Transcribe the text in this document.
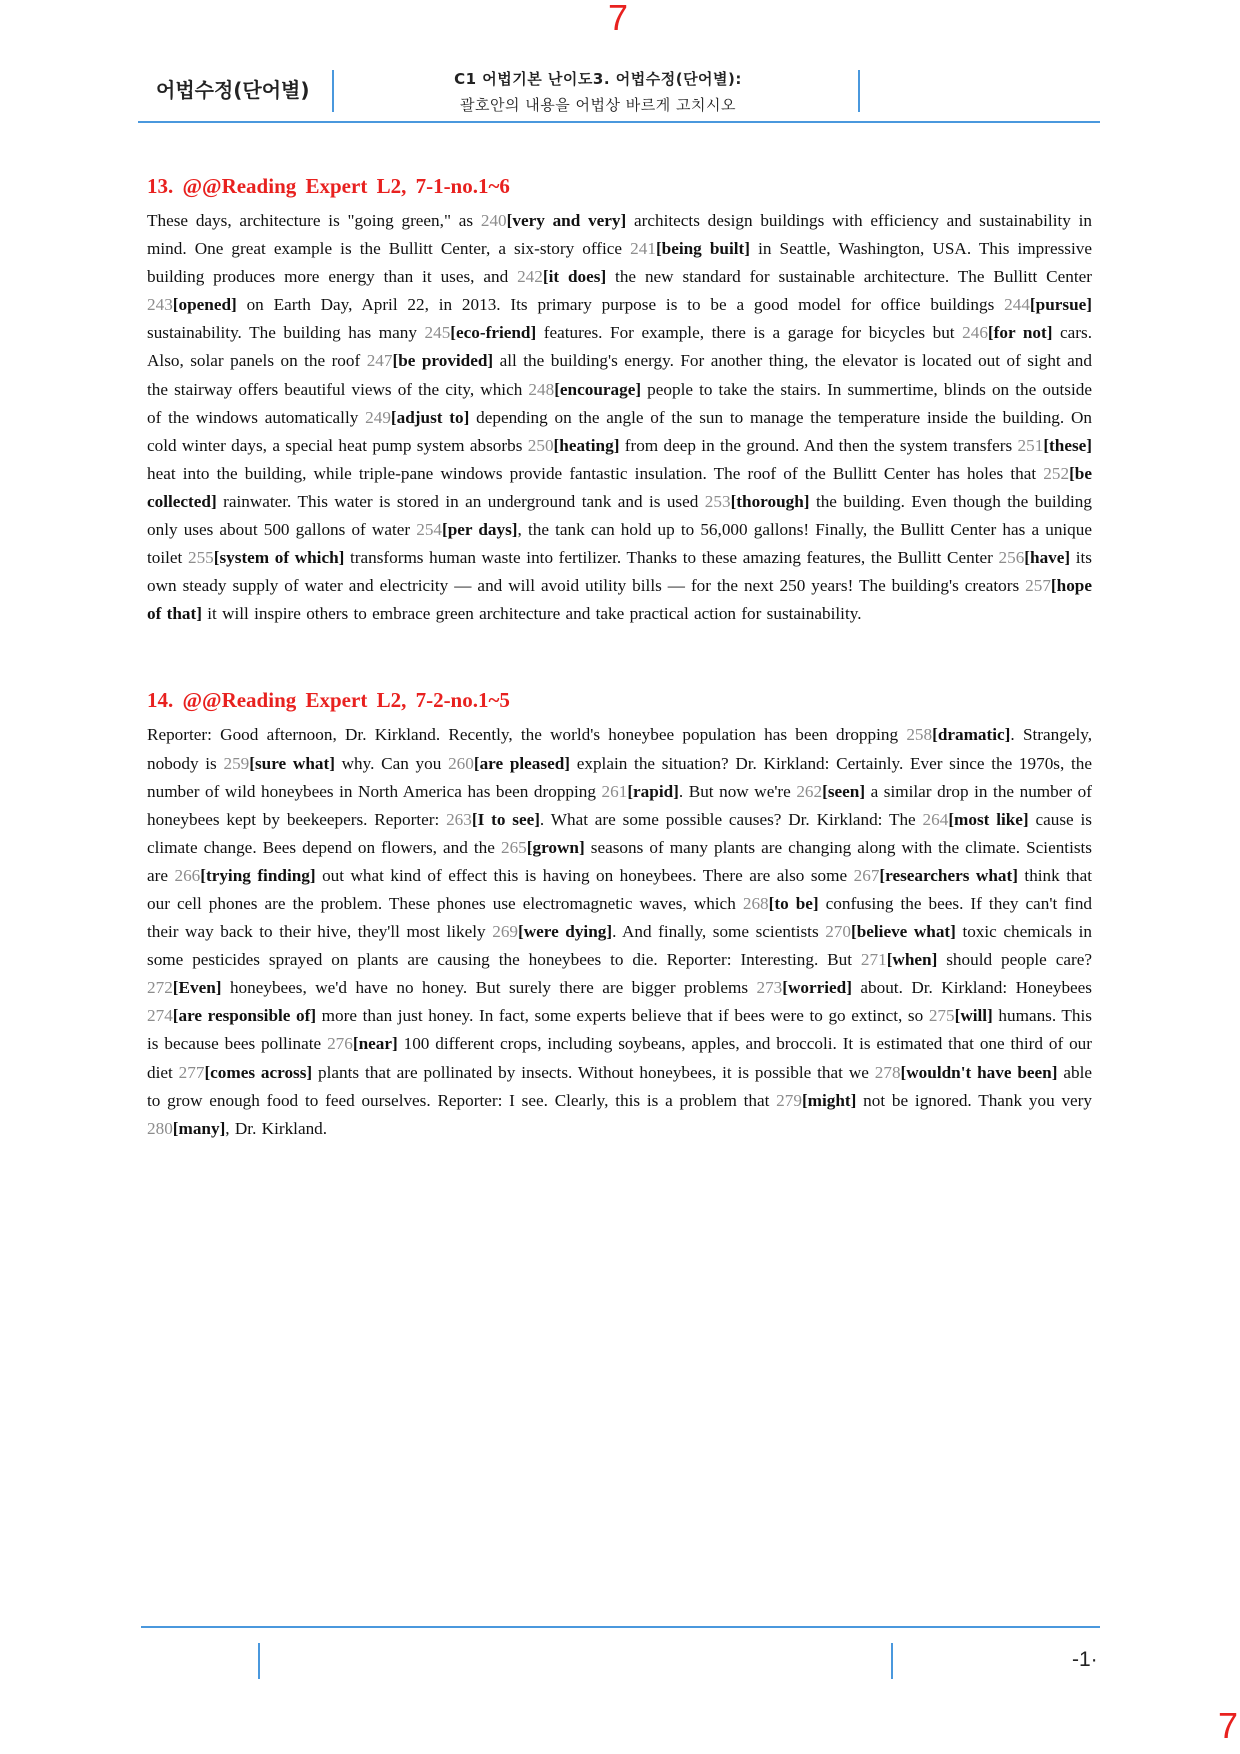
7
어법수정(단어별)	C1 어법기본 난이도3. 어법수정(단어별):
괄호안의 내용을 어법상 바르게 고치시오
13. @@Reading Expert L2, 7-1-no.1~6

These days, architecture is "going green," as 240[very and very] architects design buildings with efficiency and sustainability in mind. One great example is the Bullitt Center, a six-story office 241[being built] in Seattle, Washington, USA. This impressive building produces more energy than it uses, and 242[it does] the new standard for sustainable architecture. The Bullitt Center 243[opened] on Earth Day, April 22, in 2013. Its primary purpose is to be a good model for office buildings 244[pursue] sustainability. The building has many 245[eco-friend] features. For example, there is a garage for bicycles but 246[for not] cars. Also, solar panels on the roof 247[be provided] all the building's energy. For another thing, the elevator is located out of sight and the stairway offers beautiful views of the city, which 248[encourage] people to take the stairs. In summertime, blinds on the outside of the windows automatically 249[adjust to] depending on the angle of the sun to manage the temperature inside the building. On cold winter days, a special heat pump system absorbs 250[heating] from deep in the ground. And then the system transfers 251[these] heat into the building, while triple-pane windows provide fantastic insulation. The roof of the Bullitt Center has holes that 252[be collected] rainwater. This water is stored in an underground tank and is used 253[thorough] the building. Even though the building only uses about 500 gallons of water 254[per days], the tank can hold up to 56,000 gallons! Finally, the Bullitt Center has a unique toilet 255[system of which] transforms human waste into fertilizer. Thanks to these amazing features, the Bullitt Center 256[have] its own steady supply of water and electricity — and will avoid utility bills — for the next 250 years! The building's creators 257[hope of that] it will inspire others to embrace green architecture and take practical action for sustainability.

14. @@Reading Expert L2, 7-2-no.1~5

Reporter: Good afternoon, Dr. Kirkland. Recently, the world's honeybee population has been dropping 258[dramatic]. Strangely, nobody is 259[sure what] why. Can you 260[are pleased] explain the situation? Dr. Kirkland: Certainly. Ever since the 1970s, the number of wild honeybees in North America has been dropping 261[rapid]. But now we're 262[seen] a similar drop in the number of honeybees kept by beekeepers. Reporter: 263[I to see]. What are some possible causes? Dr. Kirkland: The 264[most like] cause is climate change. Bees depend on flowers, and the 265[grown] seasons of many plants are changing along with the climate. Scientists are 266[trying finding] out what kind of effect this is having on honeybees. There are also some 267[researchers what] think that our cell phones are the problem. These phones use electromagnetic waves, which 268[to be] confusing the bees. If they can't find their way back to their hive, they'll most likely 269[were dying]. And finally, some scientists 270[believe what] toxic chemicals in some pesticides sprayed on plants are causing the honeybees to die. Reporter: Interesting. But 271[when] should people care? 272[Even] honeybees, we'd have no honey. But surely there are bigger problems 273[worried] about. Dr. Kirkland: Honeybees 274[are responsible of] more than just honey. In fact, some experts believe that if bees were to go extinct, so 275[will] humans. This is because bees pollinate 276[near] 100 different crops, including soybeans, apples, and broccoli. It is estimated that one third of our diet 277[comes across] plants that are pollinated by insects. Without honeybees, it is possible that we 278[wouldn't have been] able to grow enough food to feed ourselves. Reporter: I see. Clearly, this is a problem that 279[might] not be ignored. Thank you very 280[many], Dr. Kirkland.

-1·
7
